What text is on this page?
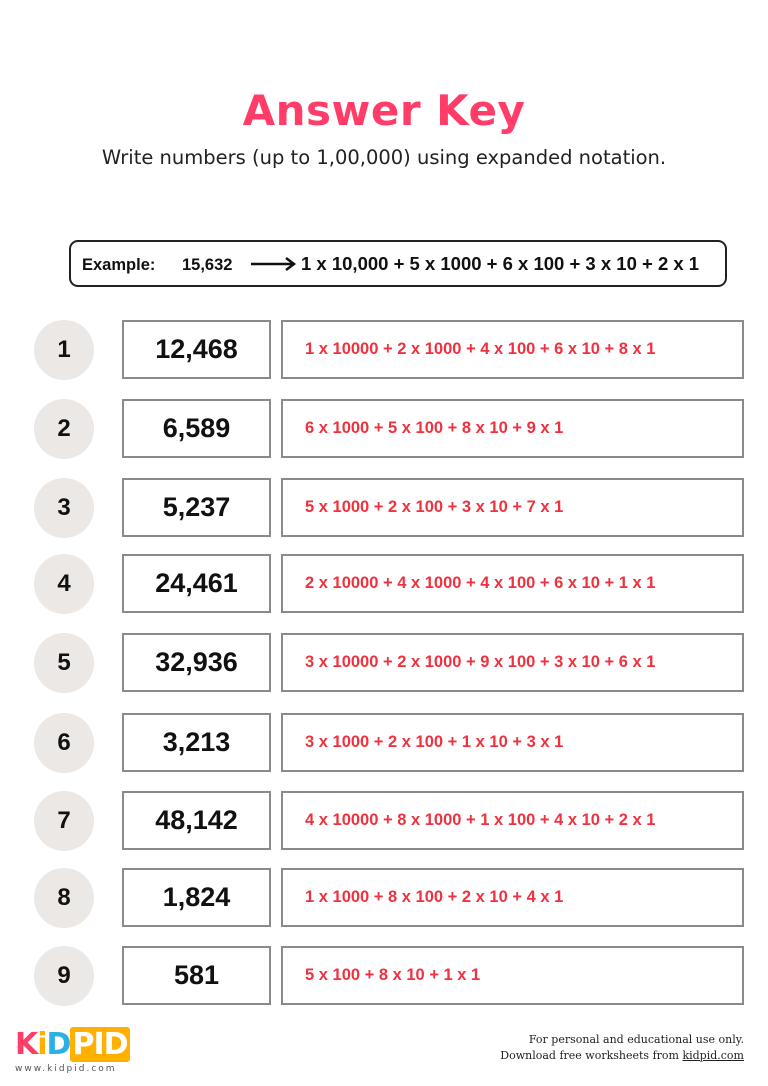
Answer Key
Write numbers (up to 1,00,000) using expanded notation.
Example: 15,632	1 x 10,000 + 5 x 1000 + 6 x 100 + 3 x 10 + 2 x 1
1	12,468	1 x 10000 + 2 x 1000 + 4 x 100 + 6 x 10 + 8 x 1
2	6,589	6 x 1000 + 5 x 100 + 8 x 10 + 9 x 1
3	5,237	5 x 1000 + 2 x 100 + 3 x 10 + 7 x 1
4	24,461	2 x 10000 + 4 x 1000 + 4 x 100 + 6 x 10 + 1 x 1
5	32,936	3 x 10000 + 2 x 1000 + 9 x 100 + 3 x 10 + 6 x 1
6	3,213	3 x 1000 + 2 x 100 + 1 x 10 + 3 x 1
7	48,142	4 x 10000 + 8 x 1000 + 1 x 100 + 4 x 10 + 2 x 1
8	1,824	1 x 1000 + 8 x 100 + 2 x 10 + 4 x 1
9	581	5 x 100 + 8 x 10 + 1 x 1
KiDPID
www.kidpid.com
For personal and educational use only.
Download free worksheets from kidpid.com
